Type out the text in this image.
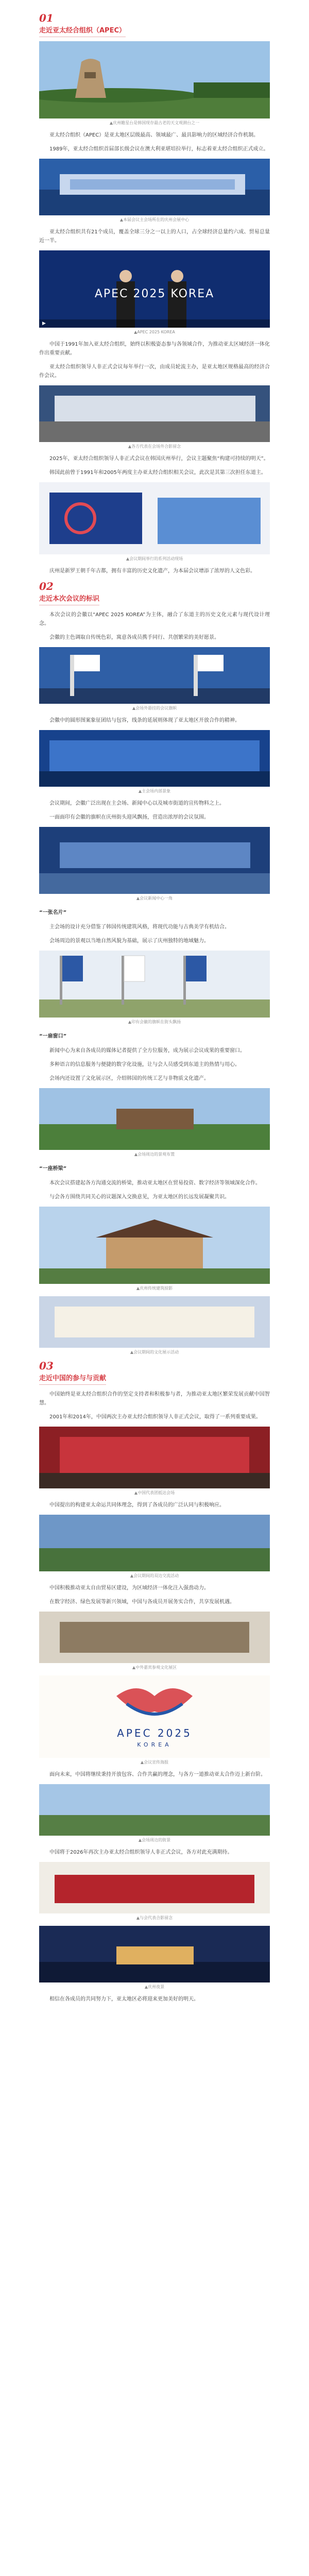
01
走近亚太经合组织（APEC）
▲庆州瞻星台是韩国现存最古老的天文观测台之一

亚太经合组织（APEC）是亚太地区层级最高、领域最广、最具影响力的区域经济合作机制。

1989年，亚太经合组织首届部长级会议在澳大利亚堪培拉举行，标志着亚太经合组织正式成立。

▲本届会议主会场所在的庆州会展中心

亚太经合组织共有21个成员，覆盖全球三分之一以上的人口，占全球经济总量约六成、贸易总量近一半。

APEC 2025 KOREA
▶
▲APEC 2025 KOREA

中国于1991年加入亚太经合组织，始终以积极姿态参与各领域合作，为推动亚太区域经济一体化作出重要贡献。

亚太经合组织领导人非正式会议每年举行一次，由成员轮流主办，是亚太地区规格最高的经济合作会议。

▲各方代表在会场外合影留念

2025年，亚太经合组织领导人非正式会议在韩国庆州举行，会议主题聚焦“构建可持续的明天”。

韩国此前曾于1991年和2005年两度主办亚太经合组织相关会议，此次是其第三次担任东道主。

▲会议期间举行的系列活动现场

庆州是新罗王朝千年古都，拥有丰富的历史文化遗产，为本届会议增添了浓厚的人文色彩。

02
走近本次会议的标识

本次会议的会徽以“APEC 2025 KOREA”为主体，融合了东道主的历史文化元素与现代设计理念。

会徽的主色调取自传统色彩，寓意各成员携手同行、共创繁荣的美好愿景。

▲会场外悬挂的会议旗帜

会徽中的圆形图案象征团结与包容，线条的延展则体现了亚太地区开放合作的精神。

▲主会场内部景象

会议期间，会徽广泛出现在主会场、新闻中心以及城市街道的宣传物料之上。

一面面印有会徽的旗帜在庆州街头迎风飘扬，营造出浓厚的会议氛围。

▲会议新闻中心一角
“一张名片”

主会场的设计充分借鉴了韩国传统建筑风格，将现代功能与古典美学有机结合。

会场周边的景观以当地自然风貌为基础，展示了庆州独特的地域魅力。

▲印有会徽的旗帜在街头飘扬
“一扇窗口”

新闻中心为来自各成员的媒体记者提供了全方位服务，成为展示会议成果的重要窗口。

多种语言的信息服务与便捷的数字化设施，让与会人员感受到东道主的热情与用心。

会场内还设置了文化展示区，介绍韩国的传统工艺与非物质文化遗产。

▲会场周边的景观布置
“一座桥梁”

本次会议搭建起各方沟通交流的桥梁，推动亚太地区在贸易投资、数字经济等领域深化合作。

与会各方围绕共同关心的议题深入交换意见，为亚太地区的长远发展凝聚共识。

▲庆州传统建筑掠影
▲会议期间的文化展示活动
03
走近中国的参与与贡献

中国始终是亚太经合组织合作的坚定支持者和积极参与者，为推动亚太地区繁荣发展贡献中国智慧。

2001年和2014年，中国两次主办亚太经合组织领导人非正式会议，取得了一系列重要成果。

▲中国代表团抵达会场

中国提出的构建亚太命运共同体理念，得到了各成员的广泛认同与积极响应。

▲会议期间的双边交流活动

中国积极推动亚太自由贸易区建设，为区域经济一体化注入强劲动力。

在数字经济、绿色发展等新兴领域，中国与各成员开展务实合作，共享发展机遇。

▲中外嘉宾参观文化展区
APEC 2025
KOREA
▲会议宣传海报

面向未来，中国将继续秉持开放包容、合作共赢的理念，与各方一道推动亚太合作迈上新台阶。

▲会场周边的街景

中国将于2026年再次主办亚太经合组织领导人非正式会议，各方对此充满期待。

▲与会代表合影留念
▲庆州夜景

相信在各成员的共同努力下，亚太地区必将迎来更加美好的明天。
